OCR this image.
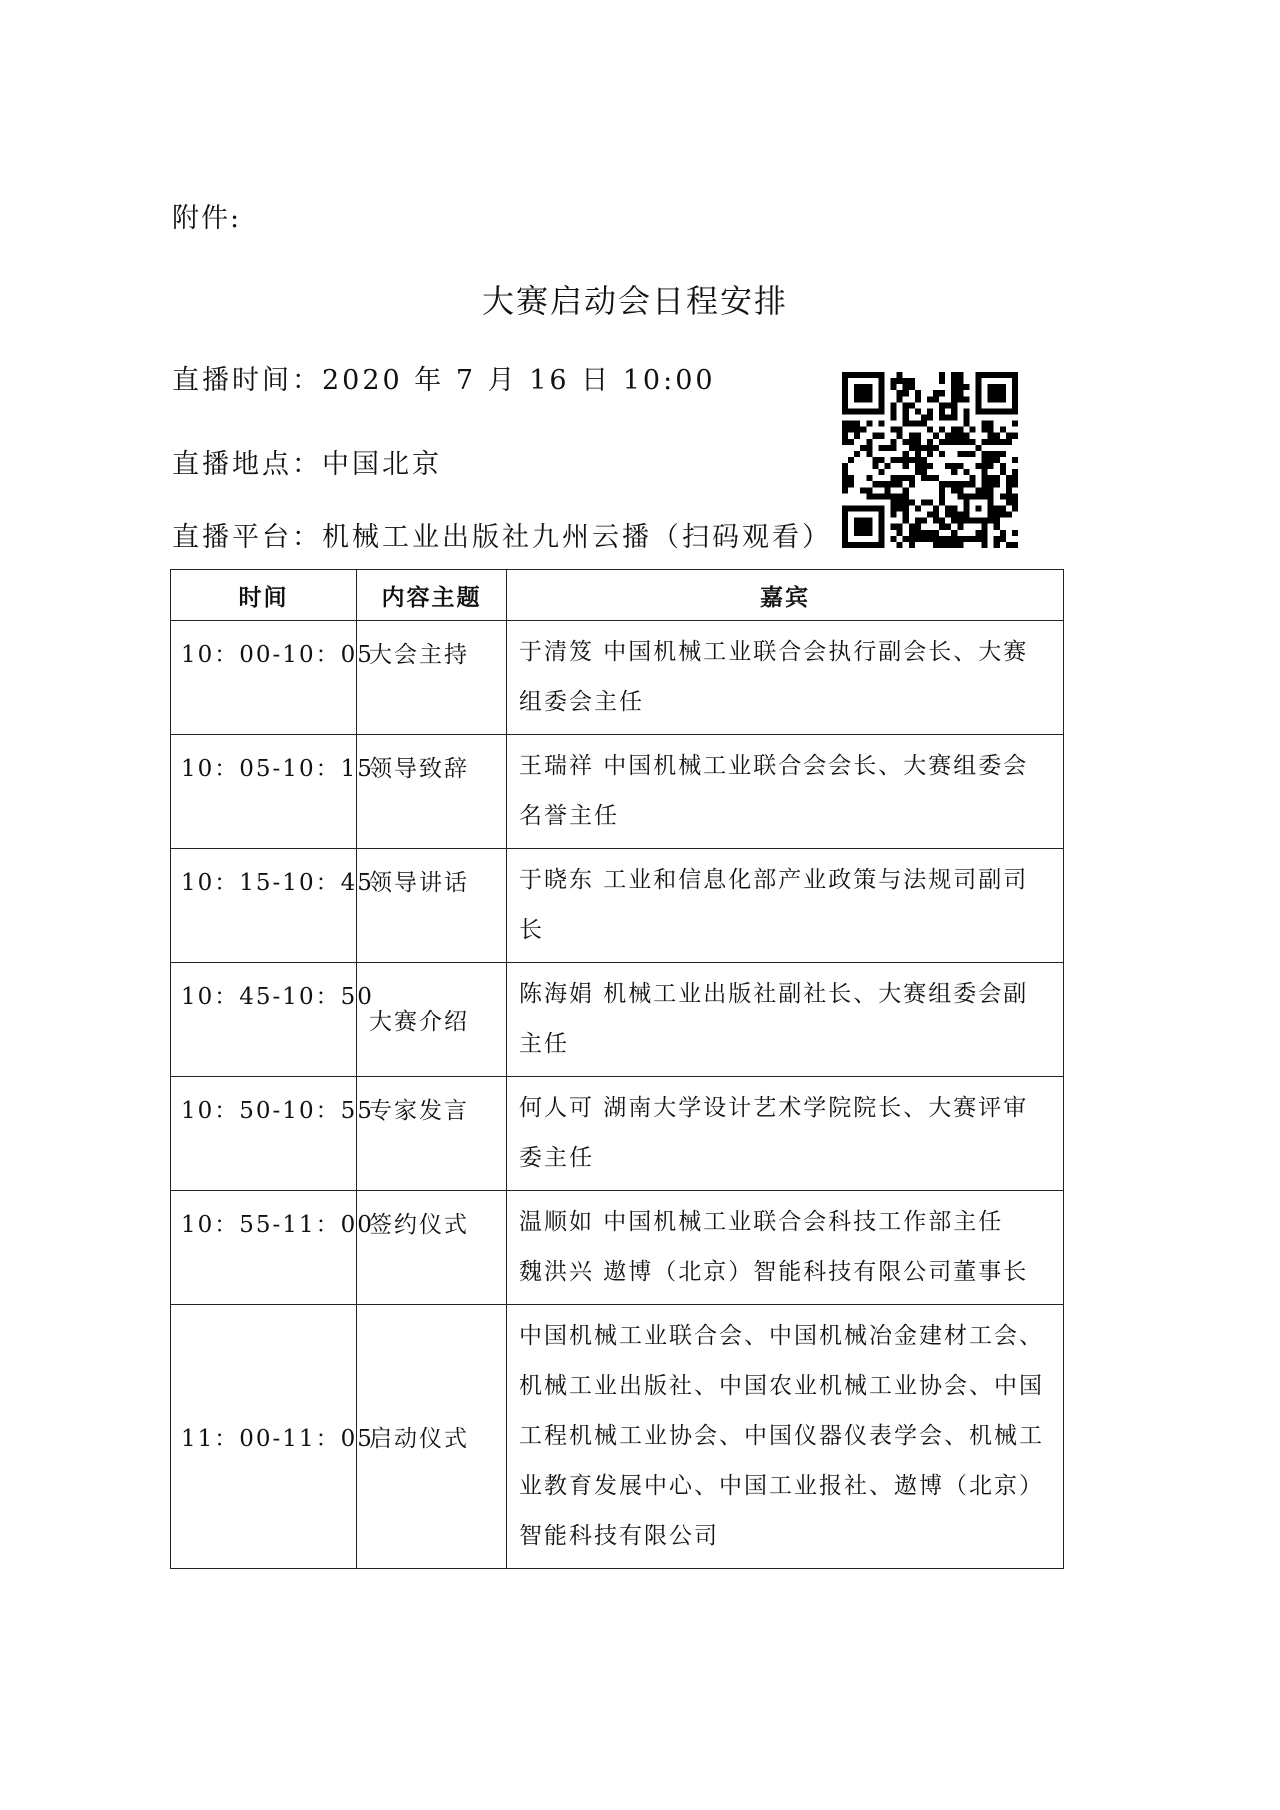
附件:
大赛启动会日程安排
直播时间：2020 年 7 月 16 日 10:00
直播地点：中国北京
直播平台：机械工业出版社九州云播（扫码观看）
时间	内容主题	嘉宾
10：00-10：05	大会主持	于清笈 中国机械工业联合会执行副会长、大赛
组委会主任

10：05-10：15	领导致辞	王瑞祥 中国机械工业联合会会长、大赛组委会
名誉主任

10：15-10：45	领导讲话	于晓东 工业和信息化部产业政策与法规司副司
长

10：45-10：50	大赛介绍	陈海娟 机械工业出版社副社长、大赛组委会副
主任

10：50-10：55	专家发言	何人可 湖南大学设计艺术学院院长、大赛评审
委主任

10：55-11：00	签约仪式	温顺如 中国机械工业联合会科技工作部主任
魏洪兴 遨博（北京）智能科技有限公司董事长

11：00-11：05	启动仪式	中国机械工业联合会、中国机械冶金建材工会、
机械工业出版社、中国农业机械工业协会、中国
工程机械工业协会、中国仪器仪表学会、机械工
业教育发展中心、中国工业报社、遨博（北京）
智能科技有限公司
